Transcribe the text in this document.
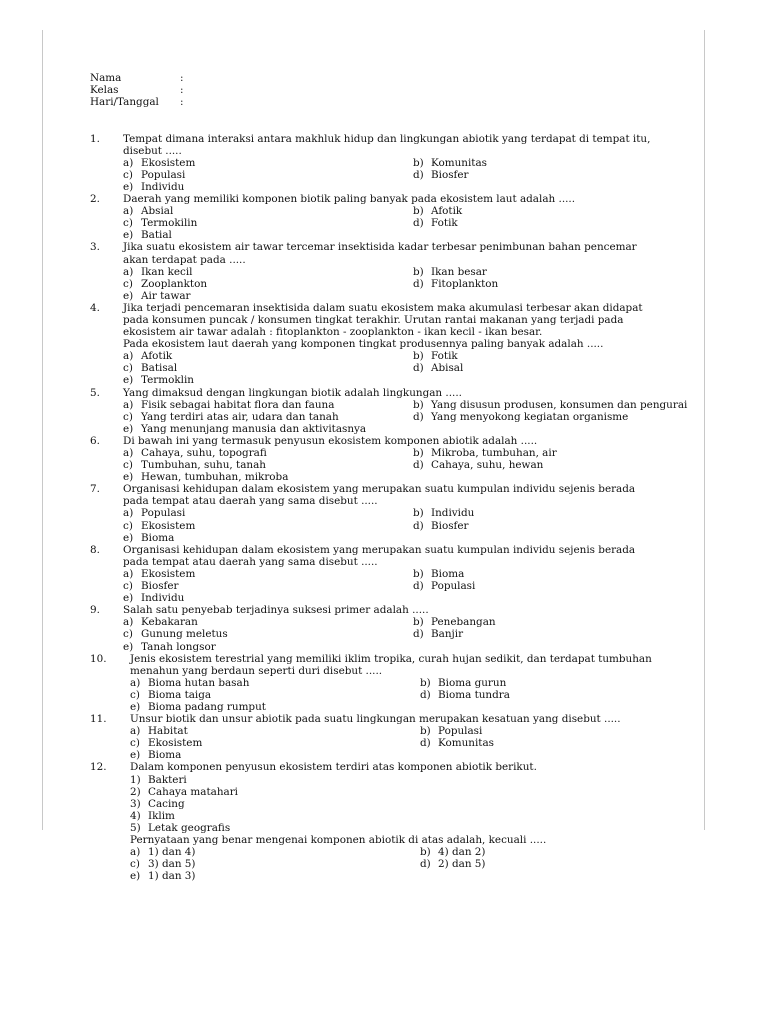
Nama	:
Kelas	:
Hari/Tanggal	:
1.	Tempat dimana interaksi antara makhluk hidup dan lingkungan abiotik yang terdapat di tempat itu,
disebut .....
a) Ekosistem	b) Komunitas
c) Populasi	d) Biosfer
e) Individu
2.	Daerah yang memiliki komponen biotik paling banyak pada ekosistem laut adalah .....
a) Absial	b) Afotik
c) Termokilin	d) Fotik
e) Batial
3.	Jika suatu ekosistem air tawar tercemar insektisida kadar terbesar penimbunan bahan pencemar
akan terdapat pada .....
a) Ikan kecil	b) Ikan besar
c) Zooplankton	d) Fitoplankton
e) Air tawar
4.	Jika terjadi pencemaran insektisida dalam suatu ekosistem maka akumulasi terbesar akan didapat
pada konsumen puncak / konsumen tingkat terakhir. Urutan rantai makanan yang terjadi pada
ekosistem air tawar adalah : fitoplankton - zooplankton - ikan kecil - ikan besar.
Pada ekosistem laut daerah yang komponen tingkat produsennya paling banyak adalah .....
a) Afotik	b) Fotik
c) Batisal	d) Abisal
e) Termoklin
5.	Yang dimaksud dengan lingkungan biotik adalah lingkungan .....
a) Fisik sebagai habitat flora dan fauna	b) Yang disusun produsen, konsumen dan pengurai
c) Yang terdiri atas air, udara dan tanah	d) Yang menyokong kegiatan organisme
e) Yang menunjang manusia dan aktivitasnya
6.	Di bawah ini yang termasuk penyusun ekosistem komponen abiotik adalah .....
a) Cahaya, suhu, topografi	b) Mikroba, tumbuhan, air
c) Tumbuhan, suhu, tanah	d) Cahaya, suhu, hewan
e) Hewan, tumbuhan, mikroba
7.	Organisasi kehidupan dalam ekosistem yang merupakan suatu kumpulan individu sejenis berada
pada tempat atau daerah yang sama disebut .....
a) Populasi	b) Individu
c) Ekosistem	d) Biosfer
e) Bioma
8.	Organisasi kehidupan dalam ekosistem yang merupakan suatu kumpulan individu sejenis berada
pada tempat atau daerah yang sama disebut .....
a) Ekosistem	b) Bioma
c) Biosfer	d) Populasi
e) Individu
9.	Salah satu penyebab terjadinya suksesi primer adalah .....
a) Kebakaran	b) Penebangan
c) Gunung meletus	d) Banjir
e) Tanah longsor
10.	Jenis ekosistem terestrial yang memiliki iklim tropika, curah hujan sedikit, dan terdapat tumbuhan
menahun yang berdaun seperti duri disebut .....
a) Bioma hutan basah	b) Bioma gurun
c) Bioma taiga	d) Bioma tundra
e) Bioma padang rumput
11.	Unsur biotik dan unsur abiotik pada suatu lingkungan merupakan kesatuan yang disebut .....
a) Habitat	b) Populasi
c) Ekosistem	d) Komunitas
e) Bioma
12.	Dalam komponen penyusun ekosistem terdiri atas komponen abiotik berikut.
1) Bakteri
2) Cahaya matahari
3) Cacing
4) Iklim
5) Letak geografis
Pernyataan yang benar mengenai komponen abiotik di atas adalah, kecuali .....
a) 1) dan 4)	b) 4) dan 2)
c) 3) dan 5)	d) 2) dan 5)
e) 1) dan 3)
